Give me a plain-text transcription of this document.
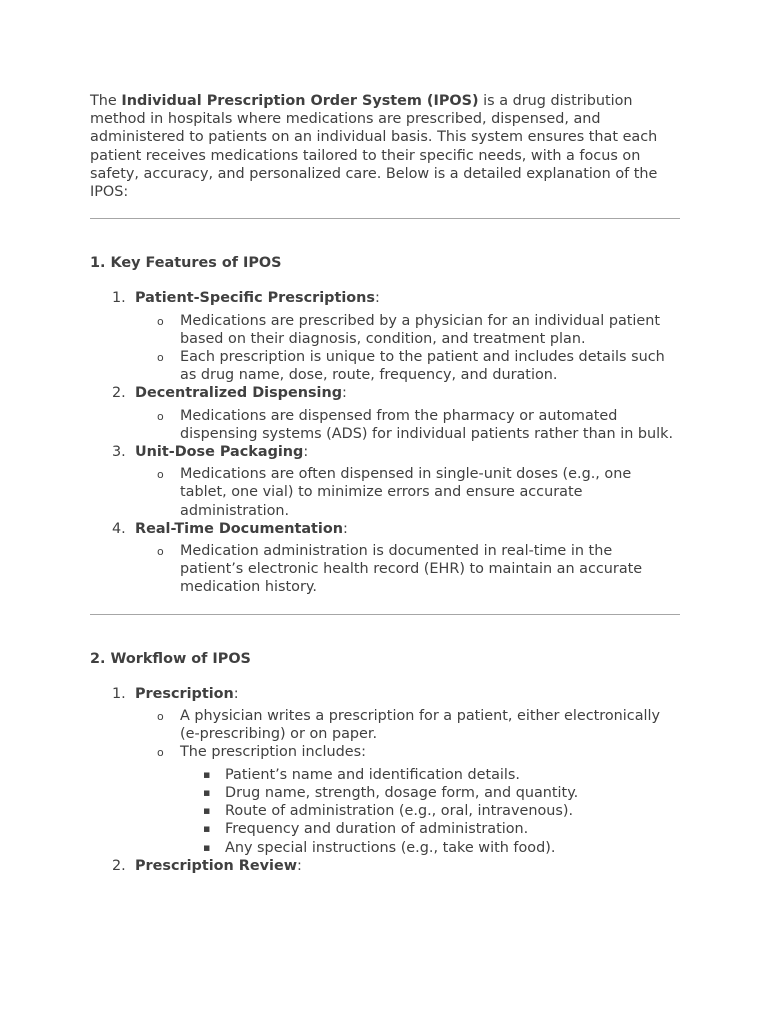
The Individual Prescription Order System (IPOS) is a drug distribution method in hospitals where medications are prescribed, dispensed, and administered to patients on an individual basis. This system ensures that each patient receives medications tailored to their specific needs, with a focus on safety, accuracy, and personalized care. Below is a detailed explanation of the IPOS:

1. Key Features of IPOS
1. Patient-Specific Prescriptions:
o Medications are prescribed by a physician for an individual patient based on their diagnosis, condition, and treatment plan.
o Each prescription is unique to the patient and includes details such as drug name, dose, route, frequency, and duration.
2. Decentralized Dispensing:
o Medications are dispensed from the pharmacy or automated dispensing systems (ADS) for individual patients rather than in bulk.
3. Unit-Dose Packaging:
o Medications are often dispensed in single-unit doses (e.g., one tablet, one vial) to minimize errors and ensure accurate administration.
4. Real-Time Documentation:
o Medication administration is documented in real-time in the patient’s electronic health record (EHR) to maintain an accurate medication history.
2. Workflow of IPOS
1. Prescription:
o A physician writes a prescription for a patient, either electronically (e-prescribing) or on paper.
o The prescription includes:
▪ Patient’s name and identification details.
▪ Drug name, strength, dosage form, and quantity.
▪ Route of administration (e.g., oral, intravenous).
▪ Frequency and duration of administration.
▪ Any special instructions (e.g., take with food).
2. Prescription Review:
